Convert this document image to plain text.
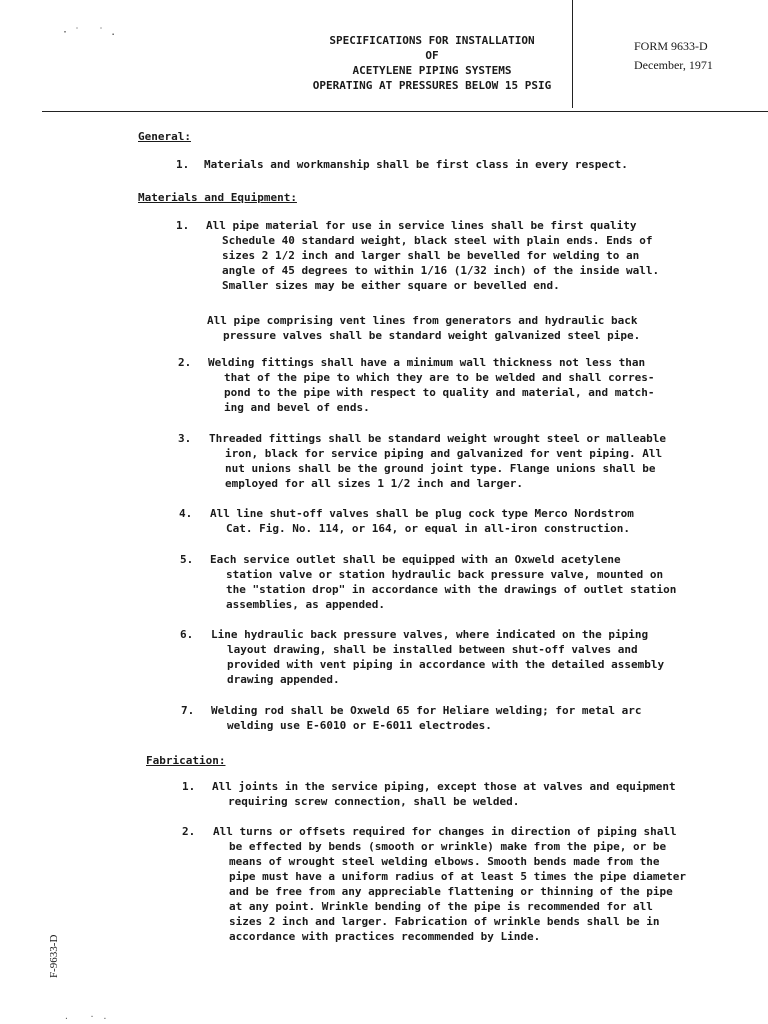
·˙ ˙.
SPECIFICATIONS FOR INSTALLATION
OF
ACETYLENE PIPING SYSTEMS
OPERATING AT PRESSURES BELOW 15 PSIG
FORM 9633-D
December, 1971
General:
1. Materials and workmanship shall be first class in every respect.
Materials and Equipment:
1. All pipe material for use in service lines shall be first quality
Schedule 40 standard weight, black steel with plain ends. Ends of
sizes 2 1/2 inch and larger shall be bevelled for welding to an
angle of 45 degrees to within 1/16 (1/32 inch) of the inside wall.
Smaller sizes may be either square or bevelled end.
All pipe comprising vent lines from generators and hydraulic back
pressure valves shall be standard weight galvanized steel pipe.
2. Welding fittings shall have a minimum wall thickness not less than
that of the pipe to which they are to be welded and shall corres-
pond to the pipe with respect to quality and material, and match-
ing and bevel of ends.
3. Threaded fittings shall be standard weight wrought steel or malleable
iron, black for service piping and galvanized for vent piping. All
nut unions shall be the ground joint type. Flange unions shall be
employed for all sizes 1 1/2 inch and larger.
4. All line shut-off valves shall be plug cock type Merco Nordstrom
Cat. Fig. No. 114, or 164, or equal in all-iron construction.
5. Each service outlet shall be equipped with an Oxweld acetylene
station valve or station hydraulic back pressure valve, mounted on
the "station drop" in accordance with the drawings of outlet station
assemblies, as appended.
6. Line hydraulic back pressure valves, where indicated on the piping
layout drawing, shall be installed between shut-off valves and
provided with vent piping in accordance with the detailed assembly
drawing appended.
7. Welding rod shall be Oxweld 65 for Heliare welding; for metal arc
welding use E-6010 or E-6011 electrodes.
Fabrication:
1. All joints in the service piping, except those at valves and equipment
requiring screw connection, shall be welded.
2. All turns or offsets required for changes in direction of piping shall
be effected by bends (smooth or wrinkle) make from the pipe, or be
means of wrought steel welding elbows. Smooth bends made from the
pipe must have a uniform radius of at least 5 times the pipe diameter
and be free from any appreciable flattening or thinning of the pipe
at any point. Wrinkle bending of the pipe is recommended for all
sizes 2 inch and larger. Fabrication of wrinkle bends shall be in
accordance with practices recommended by Linde.
F-9633-D
. ·.
